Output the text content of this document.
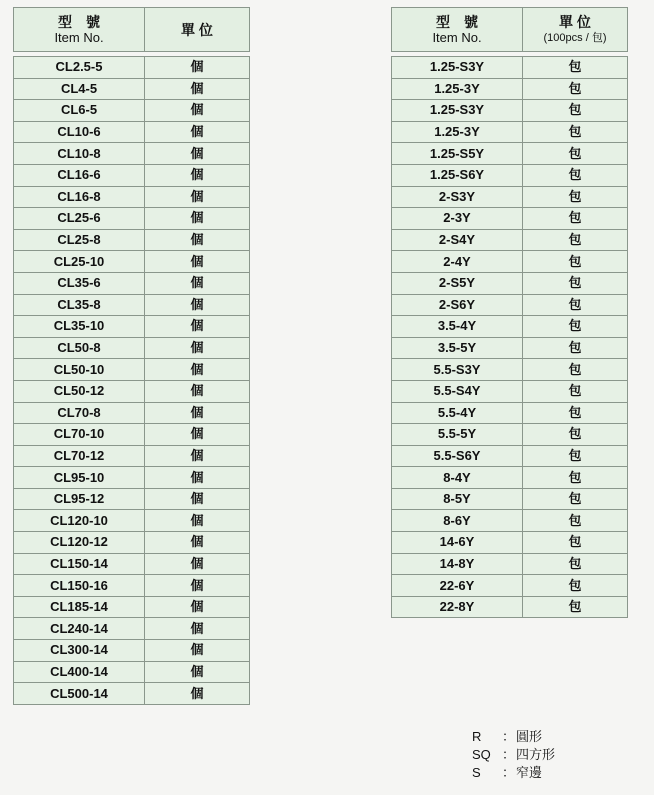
型　號
Item No.	單 位

CL2.5-5	個
CL4-5	個
CL6-5	個
CL10-6	個
CL10-8	個
CL16-6	個
CL16-8	個
CL25-6	個
CL25-8	個
CL25-10	個
CL35-6	個
CL35-8	個
CL35-10	個
CL50-8	個
CL50-10	個
CL50-12	個
CL70-8	個
CL70-10	個
CL70-12	個
CL95-10	個
CL95-12	個
CL120-10	個
CL120-12	個
CL150-14	個
CL150-16	個
CL185-14	個
CL240-14	個
CL300-14	個
CL400-14	個
CL500-14	個
型　號
Item No.	單 位
(100pcs / 包)

1.25-S3Y	包
1.25-3Y	包
1.25-S3Y	包
1.25-3Y	包
1.25-S5Y	包
1.25-S6Y	包
2-S3Y	包
2-3Y	包
2-S4Y	包
2-4Y	包
2-S5Y	包
2-S6Y	包
3.5-4Y	包
3.5-5Y	包
5.5-S3Y	包
5.5-S4Y	包
5.5-4Y	包
5.5-5Y	包
5.5-S6Y	包
8-4Y	包
8-5Y	包
8-6Y	包
14-6Y	包
14-8Y	包
22-6Y	包
22-8Y	包
R	： 圓形
SQ ： 四方形
S	： 窄邊
